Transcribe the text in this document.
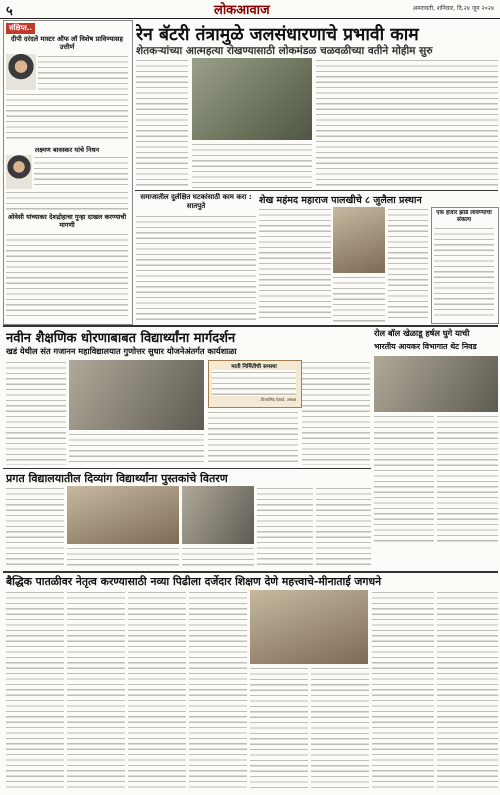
५	लोकआवाज	अमरावती, शनिवार, दि.२४ जून २०२४
संक्षिप्त..
दीपी दरंदले मास्टर ऑफ लॉ विशेष प्राविण्यासह उत्तीर्ण
लक्ष्मण बावस्कर यांचे निधन
ओवेसी यांच्याकर देशद्रोहाचा गुन्हा दाखल करण्याची मागणी
रेन बॅटरी तंत्रामुळे जलसंधारणाचे प्रभावी काम
शेतकऱ्यांच्या आत्महत्या रोखण्यासाठी लोकमंडळ चळवळीच्या वतीने मोहीम सुरु
समाजातील दुर्लक्षित घटकांसाठी काम करा : सातपुते	शेख महंमद महाराज पालखीचे ८ जुलैला प्रस्थान
एक हजार झाडे लावण्याचा संकल्प
नवीन शैक्षणिक धोरणाबाबत विद्यार्थ्यांना मार्गदर्शन
खडं येथील संत गजानन महाविद्यालयात गुणोत्तर सुधार योजनेअंतर्गत कार्यशाळा
माती निर्मितीची समस्या
- विजयसिंह ऐतवडे, अध्यक्ष
रोल बॉल खेळाडू हर्षल घुगे याची
भारतीय आयकर विभागात थेट निवड
प्रगत विद्यालयातील दिव्यांग विद्यार्थ्यांना पुस्तकांचे वितरण
बैद्धिक पातळीवर नेतृत्व करण्यासाठी नव्या पिढीला दर्जेदार शिक्षण देणे महत्त्वाचे-मीनाताई जगधने
